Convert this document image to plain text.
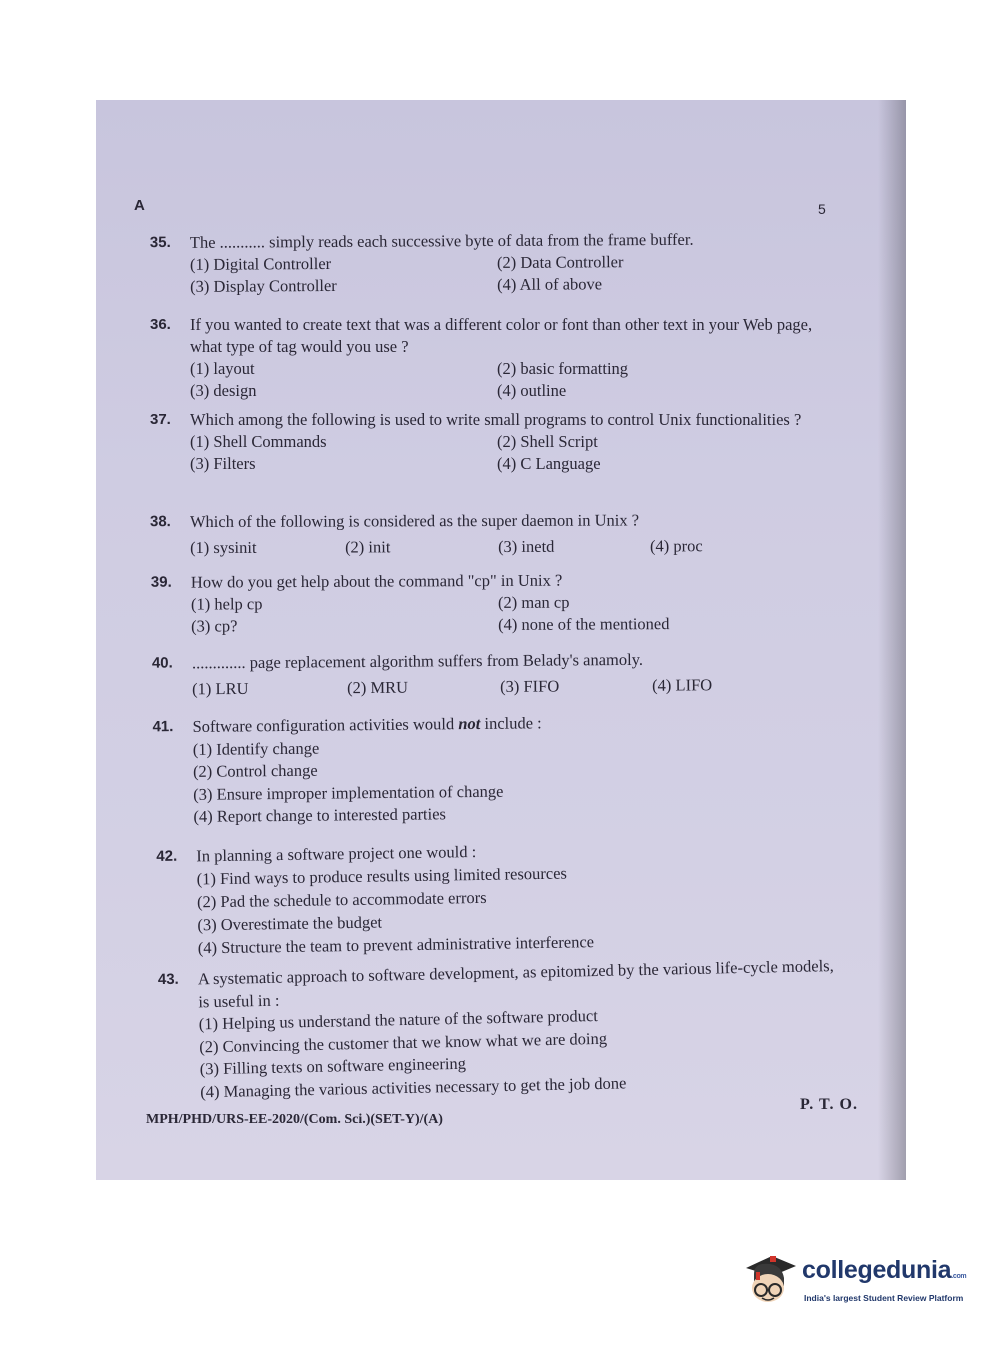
A	5
35. The ........... simply reads each successive byte of data from the frame buffer.
(1) Digital Controller	(2) Data Controller
(3) Display Controller	(4) All of above
36. If you wanted to create text that was a different color or font than other text in your Web page, what type of tag would you use ?
(1) layout	(2) basic formatting
(3) design	(4) outline
37. Which among the following is used to write small programs to control Unix functionalities ?
(1) Shell Commands	(2) Shell Script
(3) Filters	(4) C Language
38. Which of the following is considered as the super daemon in Unix ?
(1) sysinit	(2) init	(3) inetd	(4) proc
39. How do you get help about the command "cp" in Unix ?
(1) help cp	(2) man cp
(3) cp?	(4) none of the mentioned
40. ............. page replacement algorithm suffers from Belady's anamoly.
(1) LRU	(2) MRU	(3) FIFO	(4) LIFO
41. Software configuration activities would not include :
(1) Identify change
(2) Control change
(3) Ensure improper implementation of change
(4) Report change to interested parties
42. In planning a software project one would :
(1) Find ways to produce results using limited resources
(2) Pad the schedule to accommodate errors
(3) Overestimate the budget
(4) Structure the team to prevent administrative interference
43. A systematic approach to software development, as epitomized by the various life-cycle models, is useful in :
(1) Helping us understand the nature of the software product
(2) Convincing the customer that we know what we are doing
(3) Filling texts on software engineering
(4) Managing the various activities necessary to get the job done
MPH/PHD/URS-EE-2020/(Com. Sci.)(SET-Y)/(A)
P. T. O.
collegedunia.com
India's largest Student Review Platform
